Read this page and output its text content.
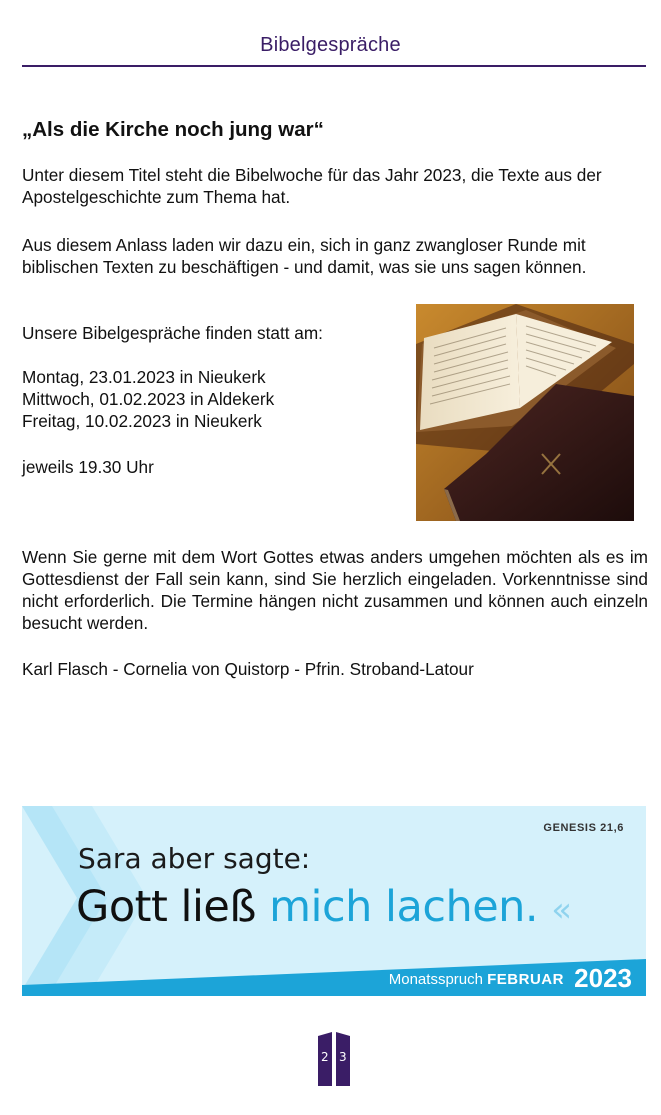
Bibelgespräche
„Als die Kirche noch jung war“

Unter diesem Titel steht die Bibelwoche für das Jahr 2023, die Texte aus der Apostelgeschichte zum Thema hat.

Aus diesem Anlass laden wir dazu ein, sich in ganz zwangloser Runde mit biblischen Texten zu beschäftigen - und damit, was sie uns sagen können.

Unsere Bibelgespräche finden statt am:

Montag, 23.01.2023 in Nieukerk
Mittwoch, 01.02.2023 in Aldekerk
Freitag, 10.02.2023 in Nieukerk

jeweils 19.30 Uhr

Wenn Sie gerne mit dem Wort Gottes etwas anders umgehen möchten als es im Gottesdienst der Fall sein kann, sind Sie herzlich eingeladen. Vorkenntnisse sind nicht erforderlich. Die Termine hängen nicht zusammen und können auch einzeln besucht werden.

Karl Flasch - Cornelia von Quistorp - Pfrin. Stroband-Latour

GENESIS 21,6
Sara aber sagte:
Gott ließ mich lachen. «
Monatsspruch FEBRUAR 2023
2 3
